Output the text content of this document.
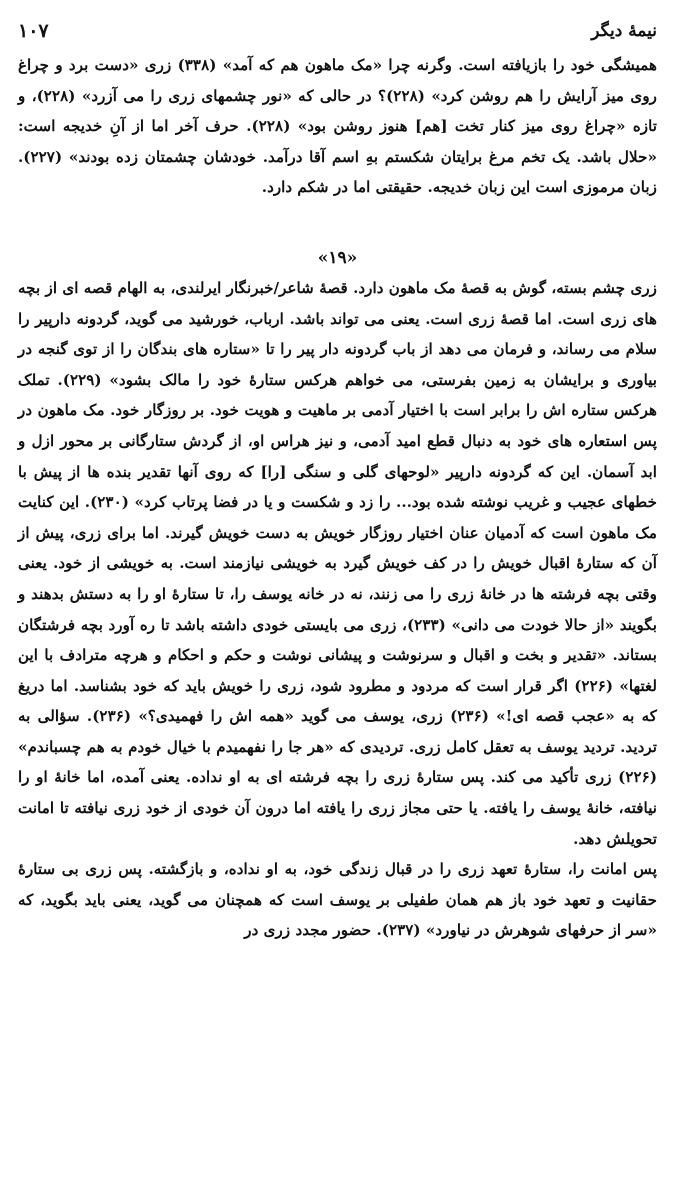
نیمهٔ دیگر
۱۰۷

همیشگی خود را بازیافته است. وگرنه چرا «مک ماهون هم که آمد» (۳۳۸) زری «دست برد و چراغ روی میز آرایش را هم روشن کرد» (۲۲۸)؟ در حالی که «نور چشمهای زری را می آزرد» (۲۲۸)، و تازه «چراغ روی میز کنار تخت [هم] هنوز روشن بود» (۲۲۸). حرف آخر اما از آنِ خدیجه است: «حلال باشد. یک تخم مرغ برایتان شکستم بهِ اسم آقا درآمد. خودشان چشمتان زده بودند» (۲۲۷). زبان مرموزی است این زبان خدیجه. حقیقتی اما در شکم دارد.

«۱۹»

زری چشم بسته، گوش به قصهٔ مک ماهون دارد. قصهٔ شاعر/خبرنگار ایرلندی، به الهام قصه ای از بچه های زری است. اما قصهٔ زری است. یعنی می تواند باشد. ارباب، خورشید می گوید، گردونه دارپیر را سلام می رساند، و فرمان می دهد از باب گردونه دار پیر را تا «ستاره های بندگان را از توی گنجه در بیاوری و برایشان به زمین بفرستی، می خواهم هرکس ستارهٔ خود را مالک بشود» (۲۲۹). تملک هرکس ستاره اش را برابر است با اختیار آدمی بر ماهیت و هویت خود. بر روزگار خود. مک ماهون در پس استعاره های خود به دنبال قطع امید آدمی، و نیز هراس او، از گردش ستارگانی بر محور ازل و ابد آسمان. این که گردونه دارپیر «لوحهای گلی و سنگی [را] که روی آنها تقدیر بنده ها از پیش با خطهای عجیب و غریب نوشته شده بود... را زد و شکست و یا در فضا پرتاب کرد» (۲۳۰). این کنایت مک ماهون است که آدمیان عنان اختیار روزگار خویش به دست خویش گیرند. اما برای زری، پیش از آن که ستارهٔ اقبال خویش را در کف خویش گیرد به خویشی نیازمند است. به خویشی از خود. یعنی وقتی بچه فرشته ها در خانهٔ زری را می زنند، نه در خانه یوسف را، تا ستارهٔ او را به دستش بدهند و بگویند «از حالا خودت می دانی» (۲۳۳)، زری می بایستی خودی داشته باشد تا ره آورد بچه فرشتگان بستاند. «تقدیر و بخت و اقبال و سرنوشت و پیشانی نوشت و حکم و احکام و هرچه مترادف با این لغتها» (۲۲۶) اگر قرار است که مردود و مطرود شود، زری را خویش باید که خود بشناسد. اما دریغ که به «عجب قصه ای!» (۲۳۶) زری، یوسف می گوید «همه اش را فهمیدی؟» (۲۳۶). سؤالی به تردید. تردید یوسف به تعقل کامل زری. تردیدی که «هر جا را نفهمیدم با خیال خودم به هم چسباندم» (۲۲۶) زری تأکید می کند. پس ستارهٔ زری را بچه فرشته ای به او نداده. یعنی آمده، اما خانهٔ او را نیافته، خانهٔ یوسف را یافته. یا حتی مجاز زری را یافته اما درون آن خودی از خود زری نیافته تا امانت تحویلش دهد.

پس امانت را، ستارهٔ تعهد زری را در قبال زندگی خود، به او نداده، و بازگشته. پس زری بی ستارهٔ حقانیت و تعهد خود باز هم همان طفیلی بر یوسف است که همچنان می گوید، یعنی باید بگوید، که «سر از حرفهای شوهرش در نیاورد» (۲۳۷). حضور مجدد زری در
